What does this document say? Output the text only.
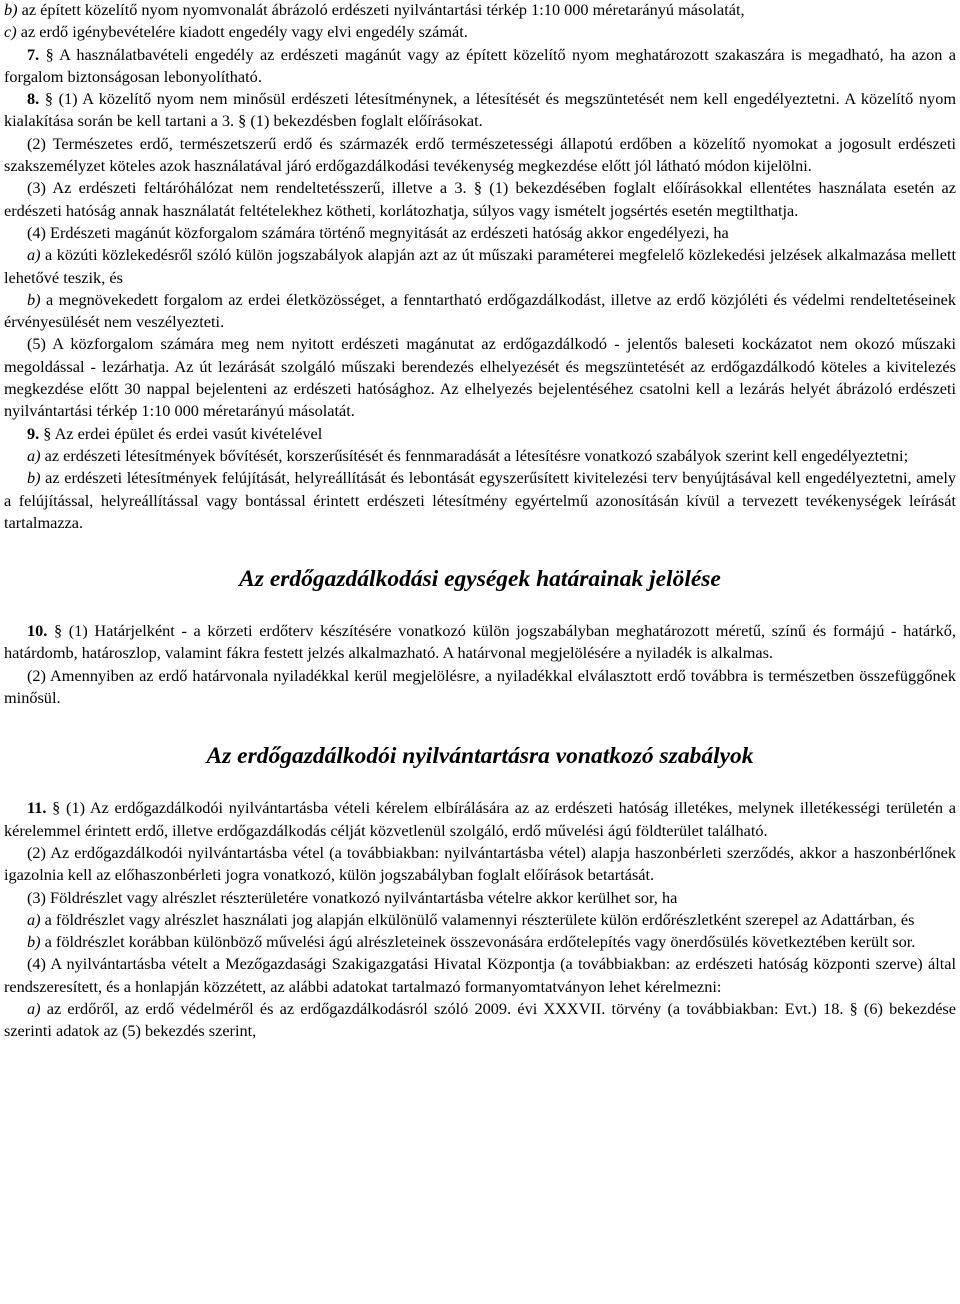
b) az épített közelítő nyom nyomvonalát ábrázoló erdészeti nyilvántartási térkép 1:10 000 méretarányú másolatát,

c) az erdő igénybevételére kiadott engedély vagy elvi engedély számát.

7. § A használatbavételi engedély az erdészeti magánút vagy az épített közelítő nyom meghatározott szakaszára is megadható, ha azon a forgalom biztonságosan lebonyolítható.

8. § (1) A közelítő nyom nem minősül erdészeti létesítménynek, a létesítését és megszüntetését nem kell engedélyeztetni. A közelítő nyom kialakítása során be kell tartani a 3. § (1) bekezdésben foglalt előírásokat.

(2) Természetes erdő, természetszerű erdő és származék erdő természetességi állapotú erdőben a közelítő nyomokat a jogosult erdészeti szakszemélyzet köteles azok használatával járó erdőgazdálkodási tevékenység megkezdése előtt jól látható módon kijelölni.

(3) Az erdészeti feltáróhálózat nem rendeltetésszerű, illetve a 3. § (1) bekezdésében foglalt előírásokkal ellentétes használata esetén az erdészeti hatóság annak használatát feltételekhez kötheti, korlátozhatja, súlyos vagy ismételt jogsértés esetén megtilthatja.

(4) Erdészeti magánút közforgalom számára történő megnyitását az erdészeti hatóság akkor engedélyezi, ha

a) a közúti közlekedésről szóló külön jogszabályok alapján azt az út műszaki paraméterei megfelelő közlekedési jelzések alkalmazása mellett lehetővé teszik, és

b) a megnövekedett forgalom az erdei életközösséget, a fenntartható erdőgazdálkodást, illetve az erdő közjóléti és védelmi rendeltetéseinek érvényesülését nem veszélyezteti.

(5) A közforgalom számára meg nem nyitott erdészeti magánutat az erdőgazdálkodó - jelentős baleseti kockázatot nem okozó műszaki megoldással - lezárhatja. Az út lezárását szolgáló műszaki berendezés elhelyezését és megszüntetését az erdőgazdálkodó köteles a kivitelezés megkezdése előtt 30 nappal bejelenteni az erdészeti hatósághoz. Az elhelyezés bejelentéséhez csatolni kell a lezárás helyét ábrázoló erdészeti nyilvántartási térkép 1:10 000 méretarányú másolatát.

9. § Az erdei épület és erdei vasút kivételével

a) az erdészeti létesítmények bővítését, korszerűsítését és fennmaradását a létesítésre vonatkozó szabályok szerint kell engedélyeztetni;

b) az erdészeti létesítmények felújítását, helyreállítását és lebontását egyszerűsített kivitelezési terv benyújtásával kell engedélyeztetni, amely a felújítással, helyreállítással vagy bontással érintett erdészeti létesítmény egyértelmű azonosításán kívül a tervezett tevékenységek leírását tartalmazza.

Az erdőgazdálkodási egységek határainak jelölése

10. § (1) Határjelként - a körzeti erdőterv készítésére vonatkozó külön jogszabályban meghatározott méretű, színű és formájú - határkő, határdomb, határoszlop, valamint fákra festett jelzés alkalmazható. A határvonal megjelölésére a nyiladék is alkalmas.

(2) Amennyiben az erdő határvonala nyiladékkal kerül megjelölésre, a nyiladékkal elválasztott erdő továbbra is természetben összefüggőnek minősül.

Az erdőgazdálkodói nyilvántartásra vonatkozó szabályok

11. § (1) Az erdőgazdálkodói nyilvántartásba vételi kérelem elbírálására az az erdészeti hatóság illetékes, melynek illetékességi területén a kérelemmel érintett erdő, illetve erdőgazdálkodás célját közvetlenül szolgáló, erdő művelési ágú földterület található.

(2) Az erdőgazdálkodói nyilvántartásba vétel (a továbbiakban: nyilvántartásba vétel) alapja haszonbérleti szerződés, akkor a haszonbérlőnek igazolnia kell az előhaszonbérleti jogra vonatkozó, külön jogszabályban foglalt előírások betartását.

(3) Földrészlet vagy alrészlet részterületére vonatkozó nyilvántartásba vételre akkor kerülhet sor, ha

a) a földrészlet vagy alrészlet használati jog alapján elkülönülő valamennyi részterülete külön erdőrészletként szerepel az Adattárban, és

b) a földrészlet korábban különböző művelési ágú alrészleteinek összevonására erdőtelepítés vagy önerdősülés következtében került sor.

(4) A nyilvántartásba vételt a Mezőgazdasági Szakigazgatási Hivatal Központja (a továbbiakban: az erdészeti hatóság központi szerve) által rendszeresített, és a honlapján közzétett, az alábbi adatokat tartalmazó formanyomtatványon lehet kérelmezni:

a) az erdőről, az erdő védelméről és az erdőgazdálkodásról szóló 2009. évi XXXVII. törvény (a továbbiakban: Evt.) 18. § (6) bekezdése szerinti adatok az (5) bekezdés szerint,
